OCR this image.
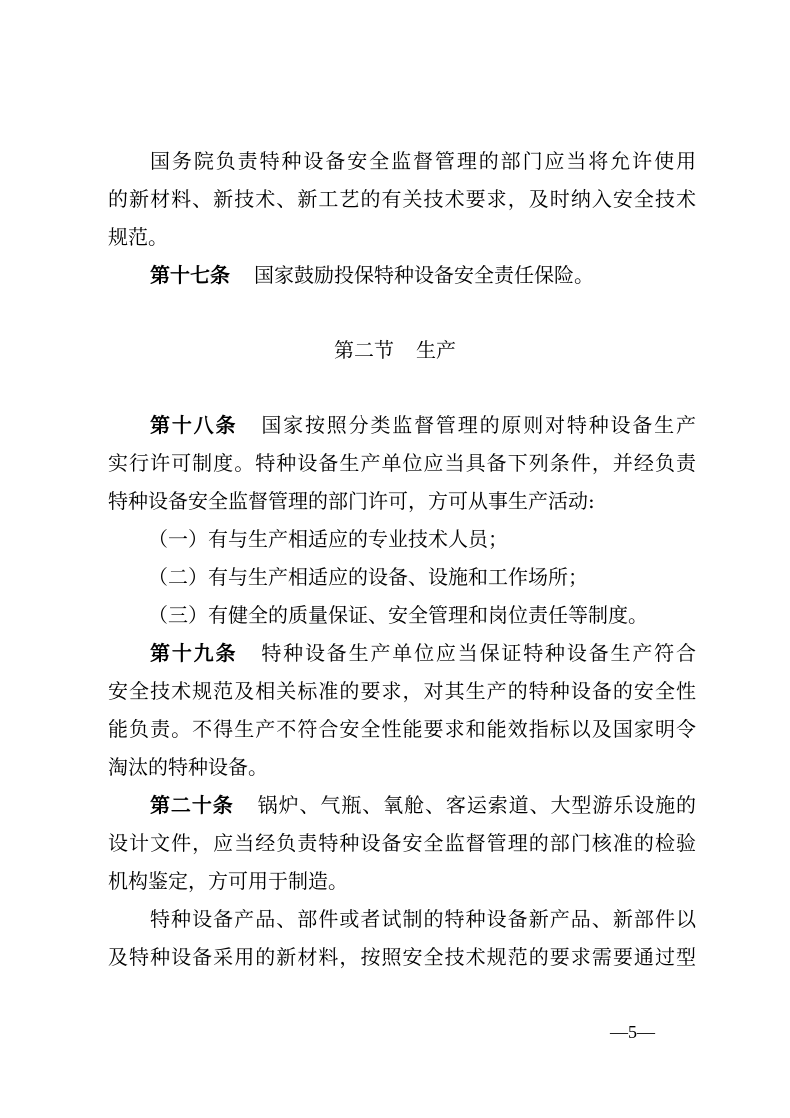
国务院负责特种设备安全监督管理的部门应当将允许使用
的新材料、新技术、新工艺的有关技术要求，及时纳入安全技术
规范。
第十七条 国家鼓励投保特种设备安全责任保险。
第二节 生产
第十八条 国家按照分类监督管理的原则对特种设备生产
实行许可制度。特种设备生产单位应当具备下列条件，并经负责
特种设备安全监督管理的部门许可，方可从事生产活动:
（一）有与生产相适应的专业技术人员；
（二）有与生产相适应的设备、设施和工作场所；
（三）有健全的质量保证、安全管理和岗位责任等制度。
第十九条 特种设备生产单位应当保证特种设备生产符合
安全技术规范及相关标准的要求，对其生产的特种设备的安全性
能负责。不得生产不符合安全性能要求和能效指标以及国家明令
淘汰的特种设备。
第二十条 锅炉、气瓶、氧舱、客运索道、大型游乐设施的
设计文件，应当经负责特种设备安全监督管理的部门核准的检验
机构鉴定，方可用于制造。
特种设备产品、部件或者试制的特种设备新产品、新部件以
及特种设备采用的新材料，按照安全技术规范的要求需要通过型
—5—
